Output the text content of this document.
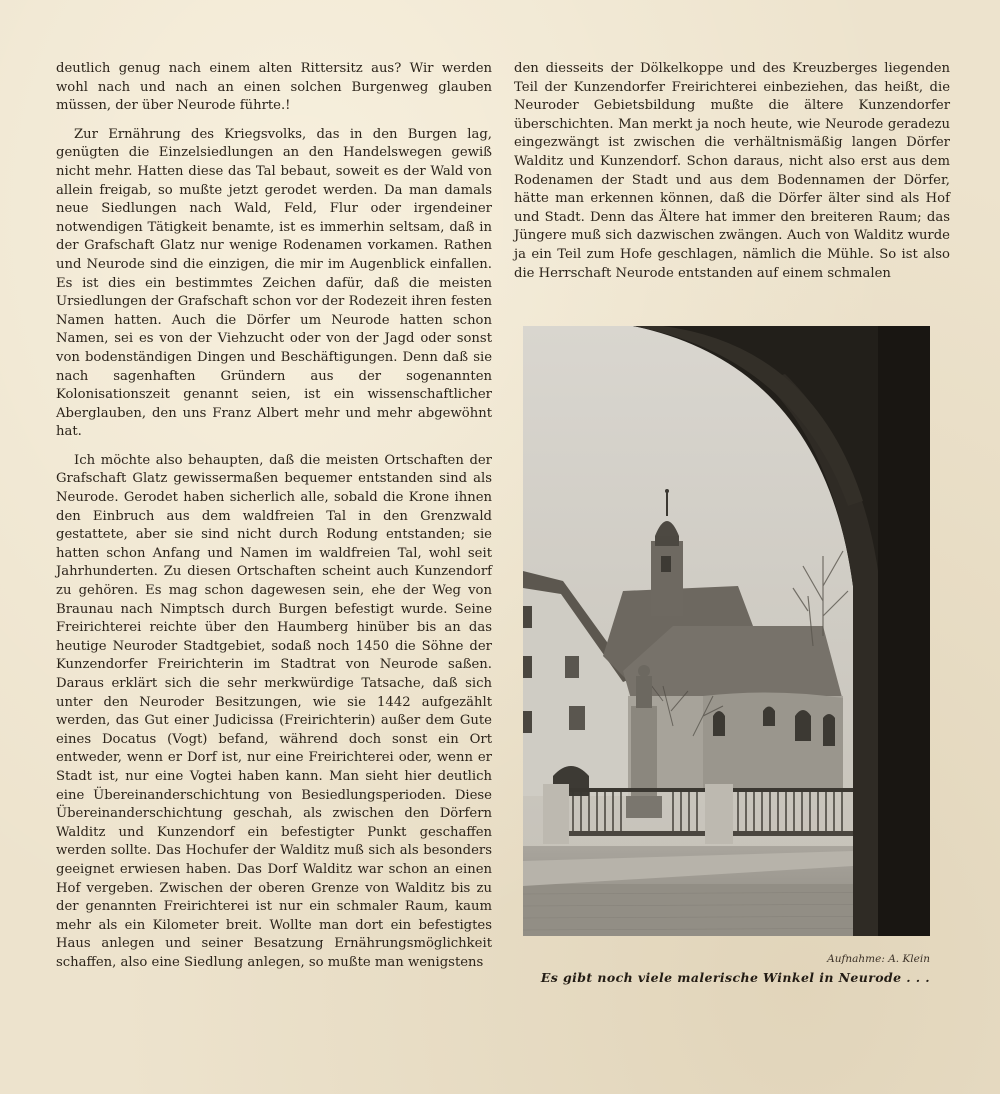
deutlich genug nach einem alten Rittersitz aus? Wir werden wohl nach und nach an einen solchen Burgenweg glauben müssen, der über Neurode führte.!

Zur Ernährung des Kriegsvolks, das in den Burgen lag, genügten die Einzelsiedlungen an den Handelswegen gewiß nicht mehr. Hatten diese das Tal bebaut, soweit es der Wald von allein freigab, so mußte jetzt gerodet werden. Da man damals neue Siedlungen nach Wald, Feld, Flur oder irgendeiner notwendigen Tätigkeit benamte, ist es immerhin seltsam, daß in der Grafschaft Glatz nur wenige Rodenamen vorkamen. Rathen und Neurode sind die einzigen, die mir im Augenblick einfallen. Es ist dies ein bestimmtes Zeichen dafür, daß die meisten Ursiedlungen der Grafschaft schon vor der Rodezeit ihren festen Namen hatten. Auch die Dörfer um Neurode hatten schon Namen, sei es von der Viehzucht oder von der Jagd oder sonst von bodenständigen Dingen und Beschäftigungen. Denn daß sie nach sagenhaften Gründern aus der sogenannten Kolonisationszeit genannt seien, ist ein wissenschaftlicher Aberglauben, den uns Franz Albert mehr und mehr abgewöhnt hat.

Ich möchte also behaupten, daß die meisten Ortschaften der Grafschaft Glatz gewissermaßen bequemer entstanden sind als Neurode. Gerodet haben sicherlich alle, sobald die Krone ihnen den Einbruch aus dem waldfreien Tal in den Grenzwald gestattete, aber sie sind nicht durch Rodung entstanden; sie hatten schon Anfang und Namen im waldfreien Tal, wohl seit Jahrhunderten. Zu diesen Ortschaften scheint auch Kunzendorf zu gehören. Es mag schon dagewesen sein, ehe der Weg von Braunau nach Nimptsch durch Burgen befestigt wurde. Seine Freirichterei reichte über den Haumberg hinüber bis an das heutige Neuroder Stadtgebiet, sodaß noch 1450 die Söhne der Kunzendorfer Freirichterin im Stadtrat von Neurode saßen. Daraus erklärt sich die sehr merkwürdige Tatsache, daß sich unter den Neuroder Besitzungen, wie sie 1442 aufgezählt werden, das Gut einer Judicissa (Freirichterin) außer dem Gute eines Docatus (Vogt) befand, während doch sonst ein Ort entweder, wenn er Dorf ist, nur eine Freirichterei oder, wenn er Stadt ist, nur eine Vogtei haben kann. Man sieht hier deutlich eine Übereinanderschichtung von Besiedlungsperioden. Diese Übereinanderschichtung geschah, als zwischen den Dörfern Walditz und Kunzendorf ein befestigter Punkt geschaffen werden sollte. Das Hochufer der Walditz muß sich als besonders geeignet erwiesen haben. Das Dorf Walditz war schon an einen Hof vergeben. Zwischen der oberen Grenze von Walditz bis zu der genannten Freirichterei ist nur ein schmaler Raum, kaum mehr als ein Kilometer breit. Wollte man dort ein befestigtes Haus anlegen und seiner Besatzung Ernährungsmöglichkeit schaffen, also eine Siedlung anlegen, so mußte man wenigstens

den diesseits der Dölkelkoppe und des Kreuzberges liegenden Teil der Kunzendorfer Freirichterei einbeziehen, das heißt, die Neuroder Gebietsbildung mußte die ältere Kunzendorfer überschichten. Man merkt ja noch heute, wie Neurode geradezu eingezwängt ist zwischen die verhältnismäßig langen Dörfer Walditz und Kunzendorf. Schon daraus, nicht also erst aus dem Rodenamen der Stadt und aus dem Bodennamen der Dörfer, hätte man erkennen können, daß die Dörfer älter sind als Hof und Stadt. Denn das Ältere hat immer den breiteren Raum; das Jüngere muß sich dazwischen zwängen. Auch von Walditz wurde ja ein Teil zum Hofe geschlagen, nämlich die Mühle. So ist also die Herrschaft Neurode entstanden auf einem schmalen

Aufnahme: A. Klein
Es gibt noch viele malerische Winkel in Neurode . . .
